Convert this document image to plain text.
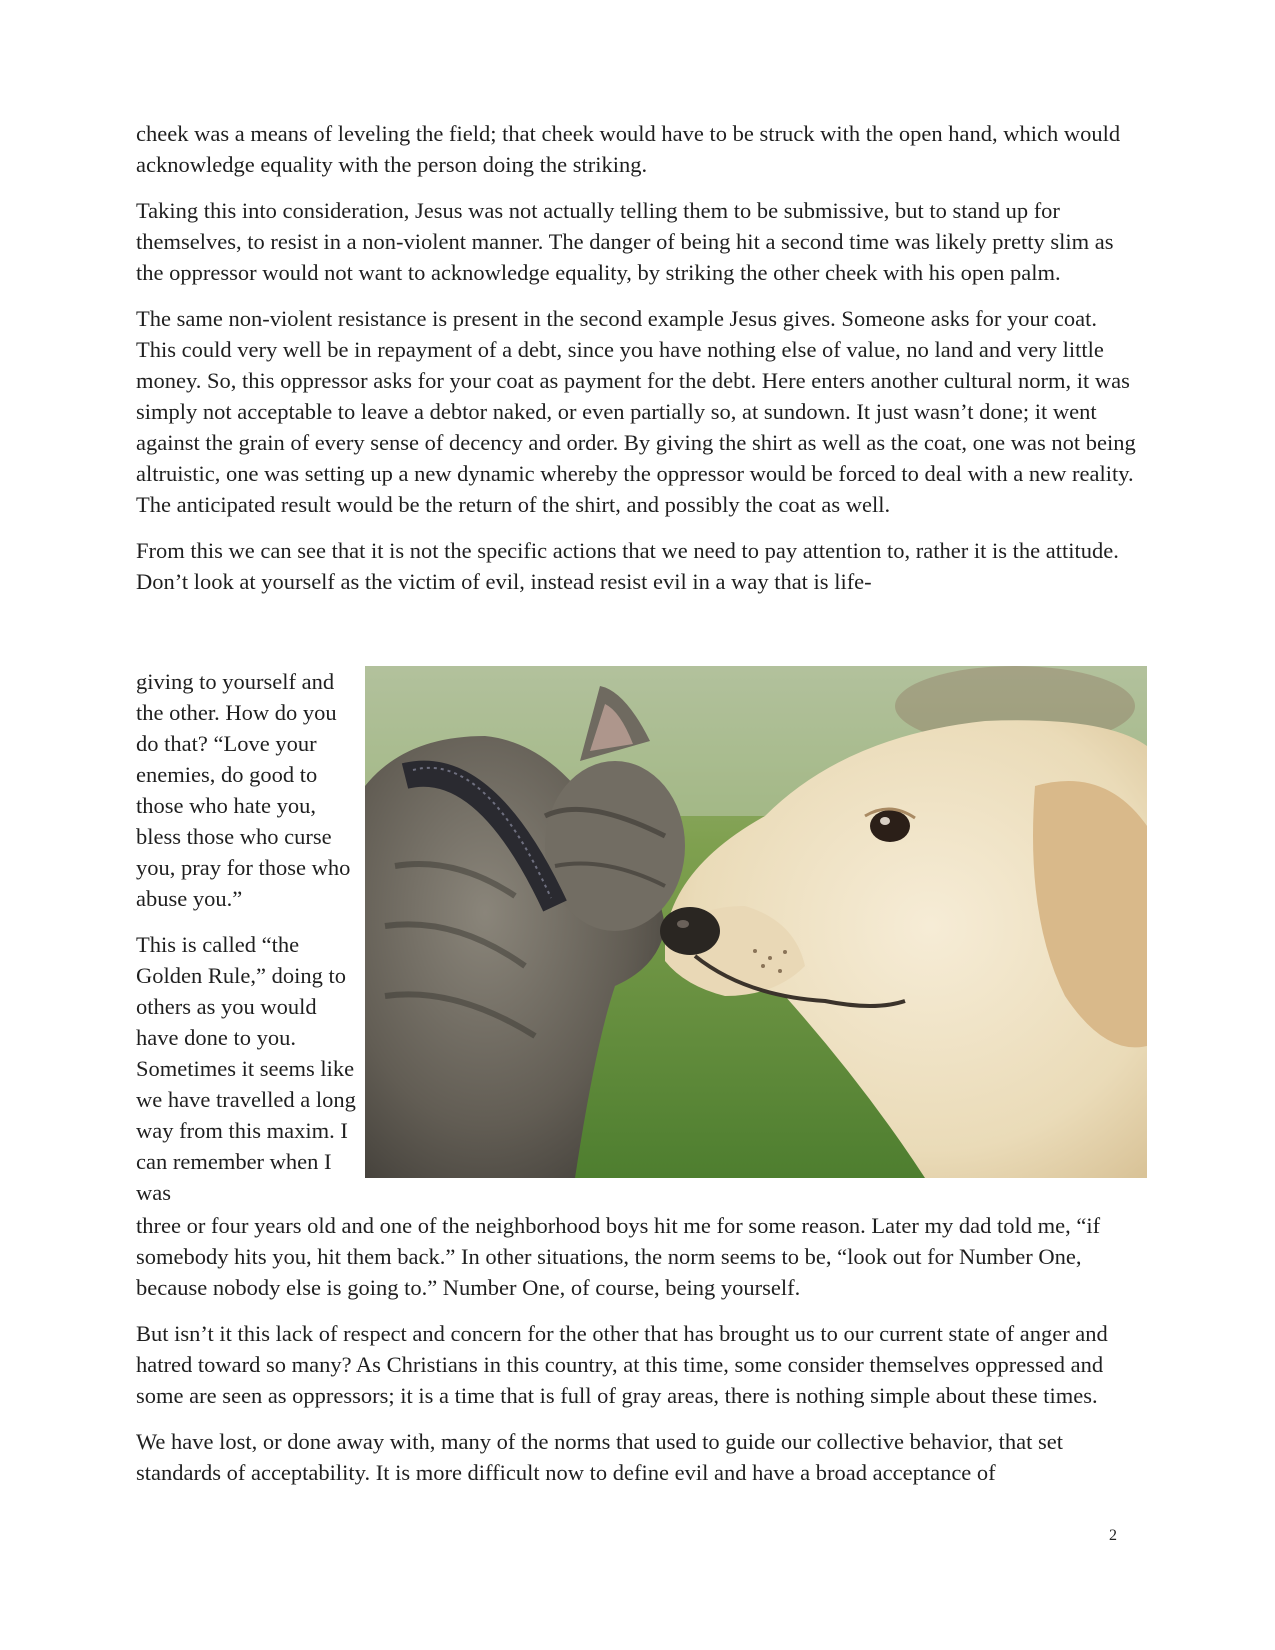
cheek was a means of leveling the field; that cheek would have to be struck with the open hand, which would acknowledge equality with the person doing the striking.

Taking this into consideration, Jesus was not actually telling them to be submissive, but to stand up for themselves, to resist in a non-violent manner. The danger of being hit a second time was likely pretty slim as the oppressor would not want to acknowledge equality, by striking the other cheek with his open palm.

The same non-violent resistance is present in the second example Jesus gives. Someone asks for your coat. This could very well be in repayment of a debt, since you have nothing else of value, no land and very little money. So, this oppressor asks for your coat as payment for the debt. Here enters another cultural norm, it was simply not acceptable to leave a debtor naked, or even partially so, at sundown. It just wasn’t done; it went against the grain of every sense of decency and order. By giving the shirt as well as the coat, one was not being altruistic, one was setting up a new dynamic whereby the oppressor would be forced to deal with a new reality. The anticipated result would be the return of the shirt, and possibly the coat as well.

From this we can see that it is not the specific actions that we need to pay attention to, rather it is the attitude. Don’t look at yourself as the victim of evil, instead resist evil in a way that is life-

giving to yourself and the other. How do you do that? “Love your enemies, do good to those who hate you, bless those who curse you, pray for those who abuse you.”

This is called “the Golden Rule,” doing to others as you would have done to you. Sometimes it seems like we have travelled a long way from this maxim. I can remember when I was

three or four years old and one of the neighborhood boys hit me for some reason. Later my dad told me, “if somebody hits you, hit them back.” In other situations, the norm seems to be, “look out for Number One, because nobody else is going to.” Number One, of course, being yourself.

But isn’t it this lack of respect and concern for the other that has brought us to our current state of anger and hatred toward so many? As Christians in this country, at this time, some consider themselves oppressed and some are seen as oppressors; it is a time that is full of gray areas, there is nothing simple about these times.

We have lost, or done away with, many of the norms that used to guide our collective behavior, that set standards of acceptability. It is more difficult now to define evil and have a broad acceptance of

2
